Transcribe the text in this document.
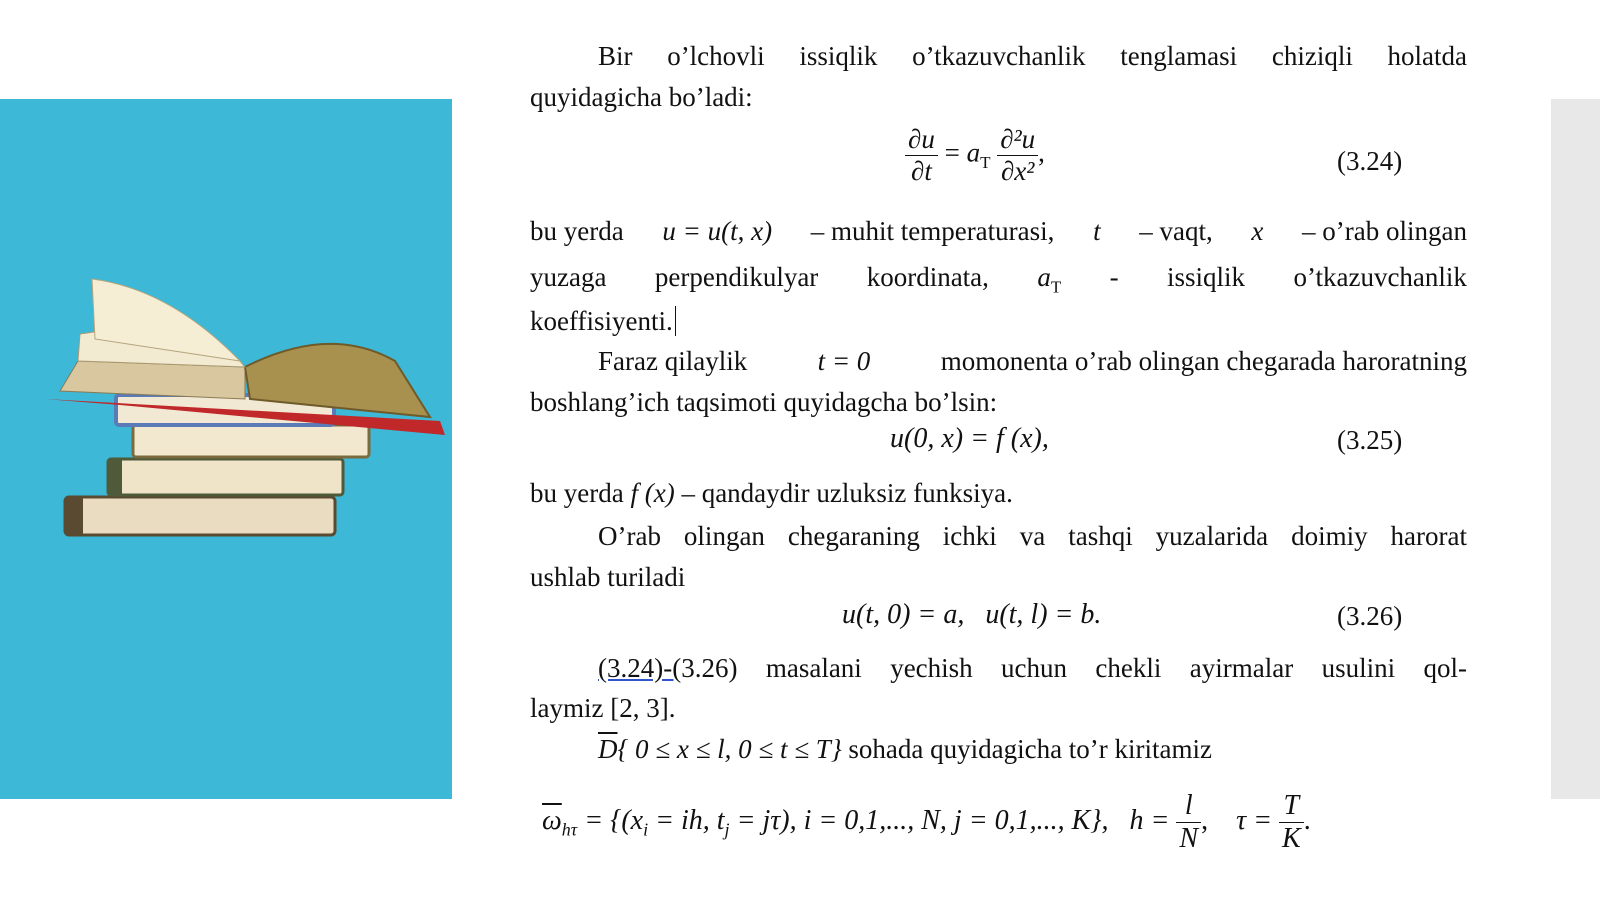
Bir o’lchovli issiqlik o’tkazuvchanlik tenglamasi chiziqli holatda
quyidagicha bo’ladi:
$\frac{\partial u}{\partial t} = a_T \frac{\text{∂²u}}{\text{∂x²}}$ ,	(3.24)
bu yerda u = u(t, x) – muhit temperaturasi, t – vaqt, x – o’rab olingan
yuzaga perpendikulyar koordinata, $a_T$ - issiqlik o’tkazuvchanlik
koeffisiyenti.
Faraz qilaylik	t = 0	momonenta o’rab olingan chegarada haroratning
boshlang’ich taqsimoti quyidagcha bo’lsin:
u(0, x) = f (x),	(3.25)
bu yerda f (x) – qandaydir uzluksiz funksiya.
O’rab olingan chegaraning ichki va tashqi yuzalarida doimiy harorat
ushlab turiladi
u(t, 0) = a, u(t, l) = b.	(3.26)
(3.24)-(3.26) masalani yechish uchun chekli ayirmalar usulini qol-
laymiz [2, 3].
$\overline{D}${ 0 ≤ x ≤ l, 0 ≤ t ≤ T} sohada quyidagicha to’r kiritamiz
$\overline{\omega}_{h\tau} = \{(x_i$ = ih, $t_j = j\tau$), i = 0,1,..., N, j = 0,1,..., K}, $h = \frac{l}{N}$ , $\tau = \frac{T}{K}$ .
